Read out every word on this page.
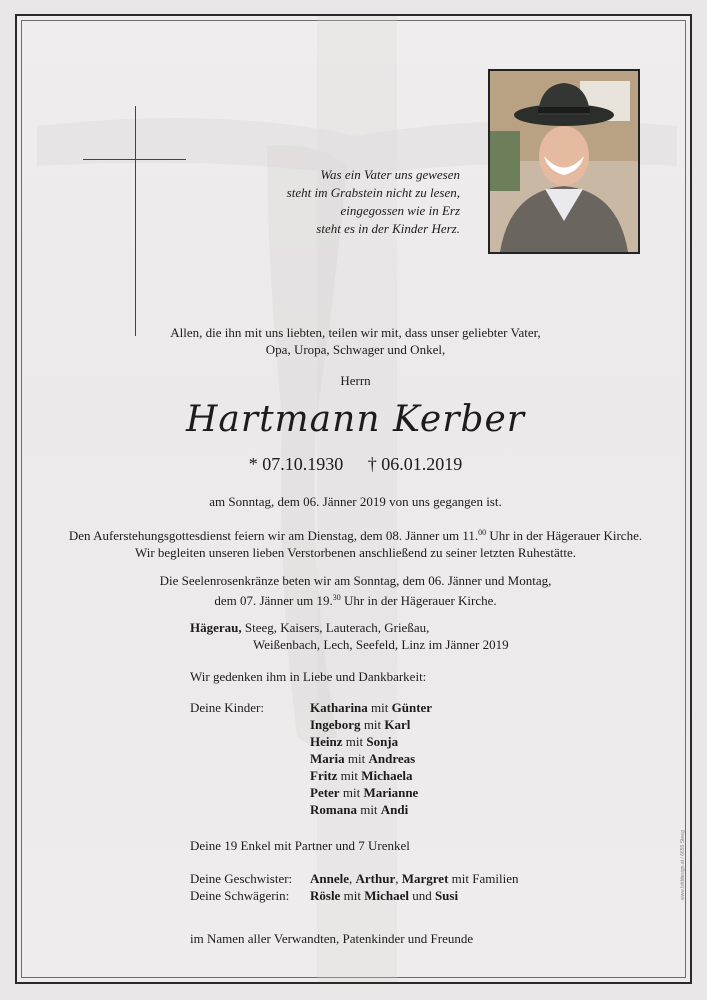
Was ein Vater uns gewesen
steht im Grabstein nicht zu lesen,
eingegossen wie in Erz
steht es in der Kinder Herz.
Allen, die ihn mit uns liebten, teilen wir mit, dass unser geliebter Vater,
Opa, Uropa, Schwager und Onkel,
Herrn
Hartmann Kerber
* 07.10.1930 † 06.01.2019
am Sonntag, dem 06. Jänner 2019 von uns gegangen ist.
Den Auferstehungsgottesdienst feiern wir am Dienstag, dem 08. Jänner um 11.00 Uhr in der Hägerauer Kirche.
Wir begleiten unseren lieben Verstorbenen anschließend zu seiner letzten Ruhestätte.
Die Seelenrosenkränze beten wir am Sonntag, dem 06. Jänner und Montag,
dem 07. Jänner um 19.30 Uhr in der Hägerauer Kirche.
Hägerau, Steeg, Kaisers, Lauterach, Grießau,
Weißenbach, Lech, Seefeld, Linz im Jänner 2019
Wir gedenken ihm in Liebe und Dankbarkeit:
Deine Kinder:	Katharina mit Günter
Ingeborg mit Karl
Heinz mit Sonja
Maria mit Andreas
Fritz mit Michaela
Peter mit Marianne
Romana mit Andi
Deine 19 Enkel mit Partner und 7 Urenkel
Deine Geschwister: Annele, Arthur, Margret mit Familien
Deine Schwägerin: Rösle mit Michael und Susi
im Namen aller Verwandten, Patenkinder und Freunde
www.bilddesign.at / 6655 Steeg
